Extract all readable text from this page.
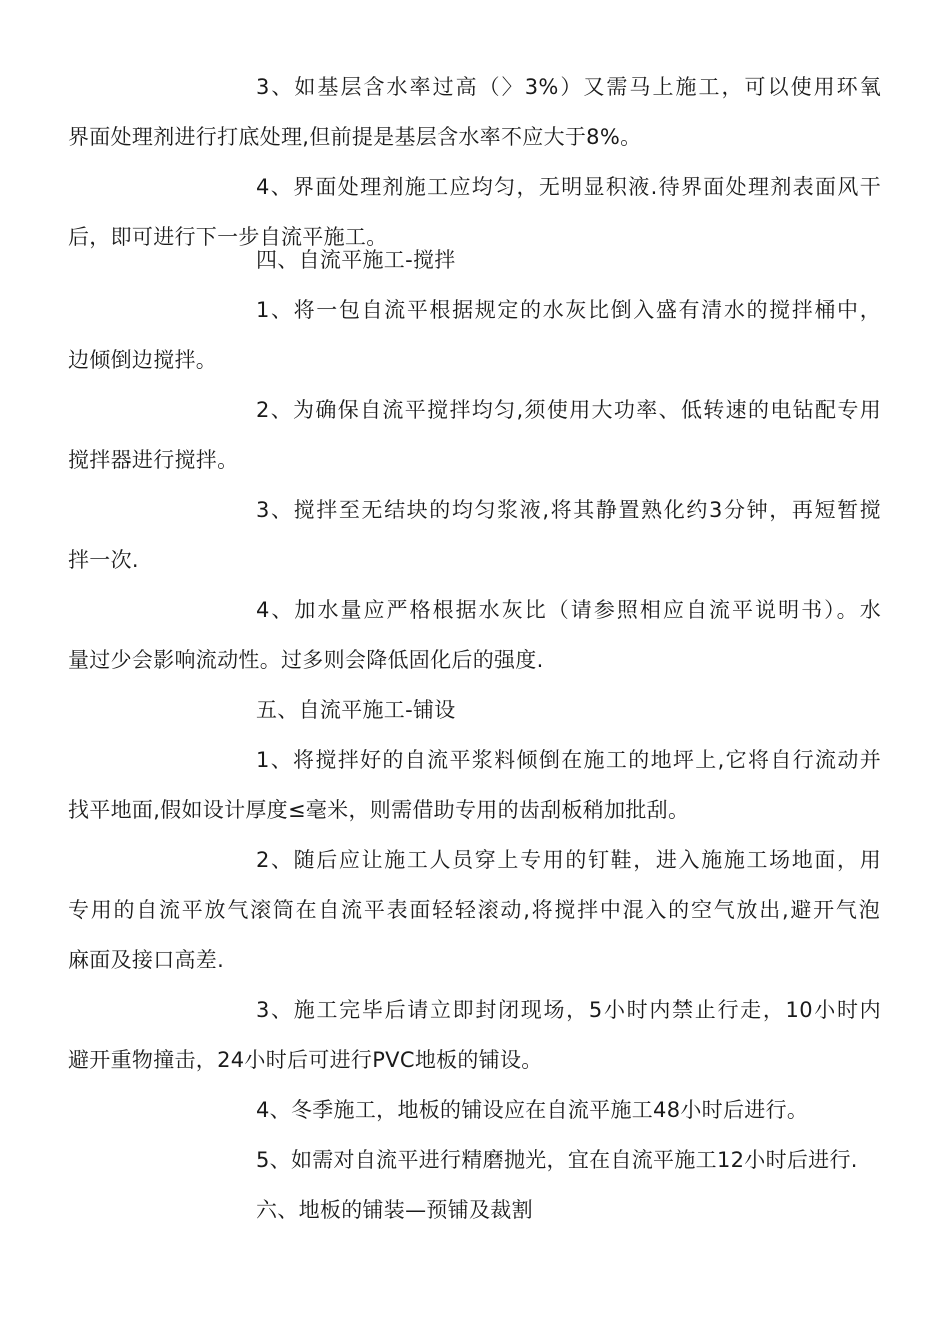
3、如基层含水率过高（〉3%）又需马上施工，可以使用环氧
界面处理剂进行打底处理,但前提是基层含水率不应大于8%。
4、界面处理剂施工应均匀，无明显积液.待界面处理剂表面风干
后，即可进行下一步自流平施工。
四、自流平施工-搅拌
1、将一包自流平根据规定的水灰比倒入盛有清水的搅拌桶中，
边倾倒边搅拌。
2、为确保自流平搅拌均匀,须使用大功率、低转速的电钻配专用
搅拌器进行搅拌。
3、搅拌至无结块的均匀浆液,将其静置熟化约3分钟，再短暂搅
拌一次.
4、加水量应严格根据水灰比（请参照相应自流平说明书）。水
量过少会影响流动性。过多则会降低固化后的强度.
五、自流平施工-铺设
1、将搅拌好的自流平浆料倾倒在施工的地坪上,它将自行流动并
找平地面,假如设计厚度≤毫米，则需借助专用的齿刮板稍加批刮。
2、随后应让施工人员穿上专用的钉鞋，进入施施工场地面，用
专用的自流平放气滚筒在自流平表面轻轻滚动,将搅拌中混入的空气放出,避开气泡
麻面及接口高差.
3、施工完毕后请立即封闭现场，5小时内禁止行走，10小时内
避开重物撞击，24小时后可进行PVC地板的铺设。
4、冬季施工，地板的铺设应在自流平施工48小时后进行。
5、如需对自流平进行精磨抛光，宜在自流平施工12小时后进行.
六、地板的铺装—预铺及裁割
